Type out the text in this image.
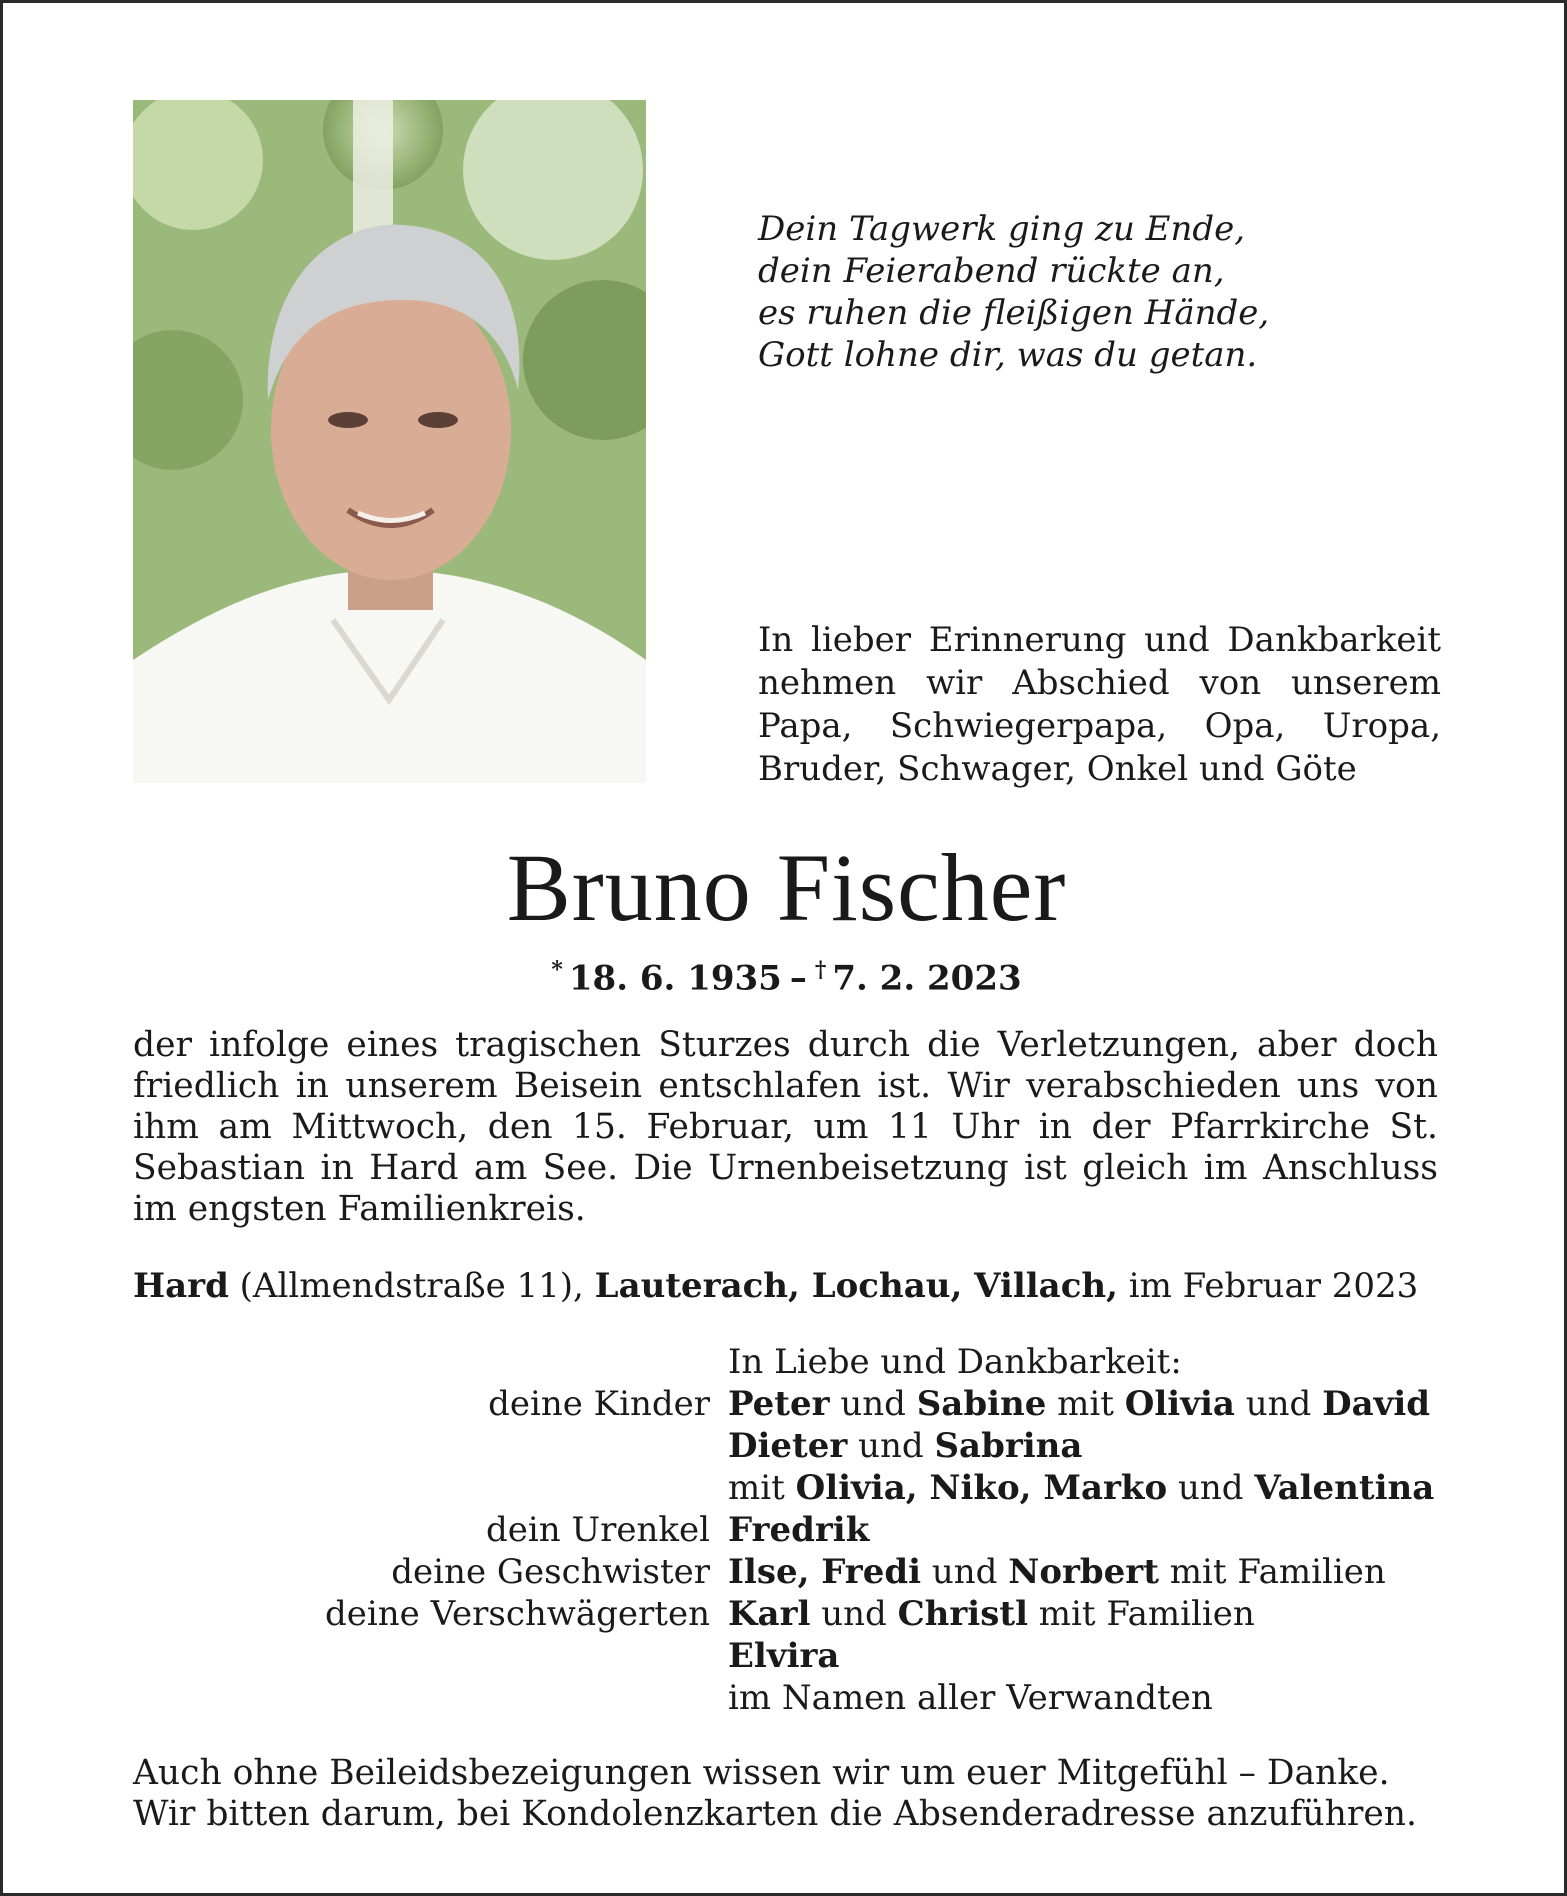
Dein Tagwerk ging zu Ende,
dein Feierabend rückte an,
es ruhen die fleißigen Hände,
Gott lohne dir, was du getan.

In lieber Erinnerung und Dankbarkeit nehmen wir Abschied von unserem Papa, Schwiegerpapa, Opa, Uropa, Bruder, Schwager, Onkel und Göte

Bruno Fischer
* 18. 6. 1935 – † 7. 2. 2023

der infolge eines tragischen Sturzes durch die Verletzungen, aber doch friedlich in unserem Beisein entschlafen ist. Wir verabschieden uns von ihm am Mittwoch, den 15. Februar, um 11 Uhr in der Pfarrkirche St. Sebastian in Hard am See. Die Urnenbeisetzung ist gleich im Anschluss im engsten Familienkreis.

Hard (Allmendstraße 11), Lauterach, Lochau, Villach, im Februar 2023

In Liebe und Dankbarkeit:
deine Kinder Peter und Sabine mit Olivia und David
Dieter und Sabrina
mit Olivia, Niko, Marko und Valentina
dein Urenkel Fredrik
deine Geschwister Ilse, Fredi und Norbert mit Familien
deine Verschwägerten Karl und Christl mit Familien
Elvira
im Namen aller Verwandten
Auch ohne Beileidsbezeigungen wissen wir um euer Mitgefühl – Danke.
Wir bitten darum, bei Kondolenzkarten die Absenderadresse anzuführen.
